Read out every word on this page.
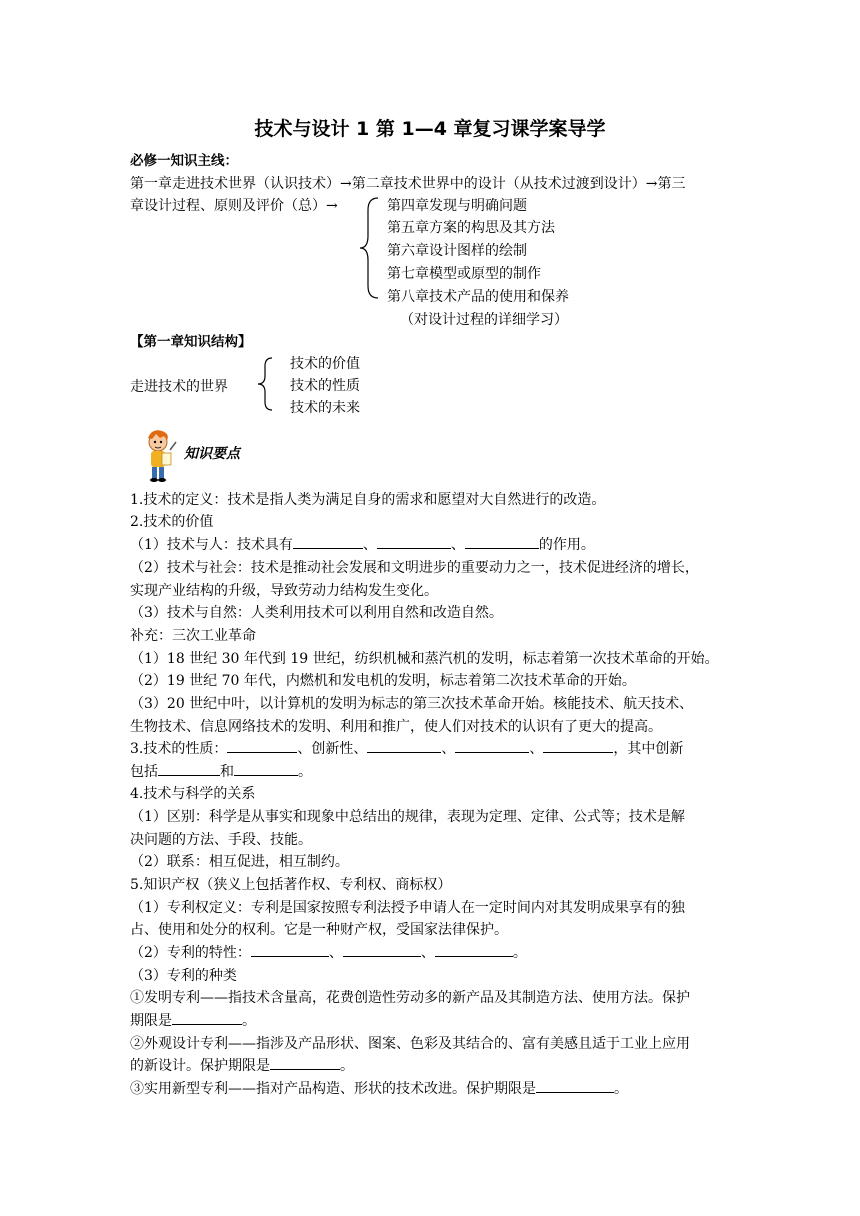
技术与设计 1 第 1—4 章复习课学案导学
必修一知识主线：
第一章走进技术世界（认识技术）→第二章技术世界中的设计（从技术过渡到设计）→第三
章设计过程、原则及评价（总）→	第四章发现与明确问题
第五章方案的构思及其方法
第六章设计图样的绘制
第七章模型或原型的制作
第八章技术产品的使用和保养
（对设计过程的详细学习）
【第一章知识结构】
走进技术的世界
技术的价值
技术的性质
技术的未来
知识要点
1.技术的定义：技术是指人类为满足自身的需求和愿望对大自然进行的改造。
2.技术的价值
（1）技术与人：技术具有	、	、	的作用。
（2）技术与社会：技术是推动社会发展和文明进步的重要动力之一，技术促进经济的增长，
实现产业结构的升级，导致劳动力结构发生变化。
（3）技术与自然：人类利用技术可以利用自然和改造自然。
补充：三次工业革命
（1）18 世纪 30 年代到 19 世纪，纺织机械和蒸汽机的发明，标志着第一次技术革命的开始。
（2）19 世纪 70 年代，内燃机和发电机的发明，标志着第二次技术革命的开始。
（3）20 世纪中叶，以计算机的发明为标志的第三次技术革命开始。核能技术、航天技术、
生物技术、信息网络技术的发明、利用和推广，使人们对技术的认识有了更大的提高。
3.技术的性质：	、创新性、	、	、	，其中创新
包括	和	。
4.技术与科学的关系
（1）区别：科学是从事实和现象中总结出的规律，表现为定理、定律、公式等；技术是解
决问题的方法、手段、技能。
（2）联系：相互促进，相互制约。
5.知识产权（狭义上包括著作权、专利权、商标权）
（1）专利权定义：专利是国家按照专利法授予申请人在一定时间内对其发明成果享有的独
占、使用和处分的权利。它是一种财产权，受国家法律保护。
（2）专利的特性：	、	、	。
（3）专利的种类
①发明专利——指技术含量高，花费创造性劳动多的新产品及其制造方法、使用方法。保护
期限是	。
②外观设计专利——指涉及产品形状、图案、色彩及其结合的、富有美感且适于工业上应用
的新设计。保护期限是	。
③实用新型专利——指对产品构造、形状的技术改进。保护期限是	。
